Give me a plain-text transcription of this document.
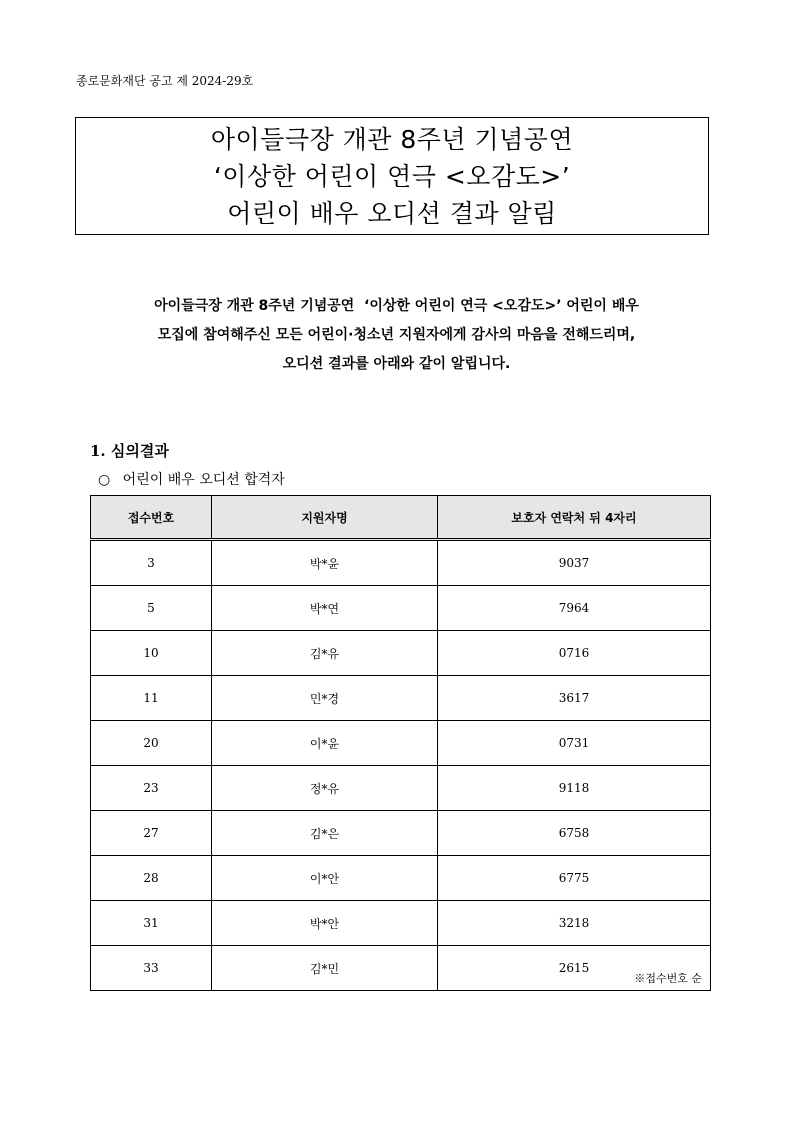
종로문화재단 공고 제 2024-29호
아이들극장 개관 8주년 기념공연
‘이상한 어린이 연극 <오감도>’
어린이 배우 오디션 결과 알림
아이들극장 개관 8주년 기념공연  ‘이상한 어린이 연극 <오감도>’ 어린이 배우
모집에 참여해주신 모든 어린이·청소년 지원자에게 감사의 마음을 전해드리며,
오디션 결과를 아래와 같이 알립니다.
1. 심의결과
○ 어린이 배우 오디션 합격자
접수번호	지원자명	보호자 연락처 뒤 4자리
3	박*윤	9037
5	박*연	7964
10	김*유	0716
11	민*경	3617
20	이*윤	0731
23	정*유	9118
27	김*은	6758
28	이*안	6775
31	박*안	3218
33	김*민	2615
※접수번호 순
